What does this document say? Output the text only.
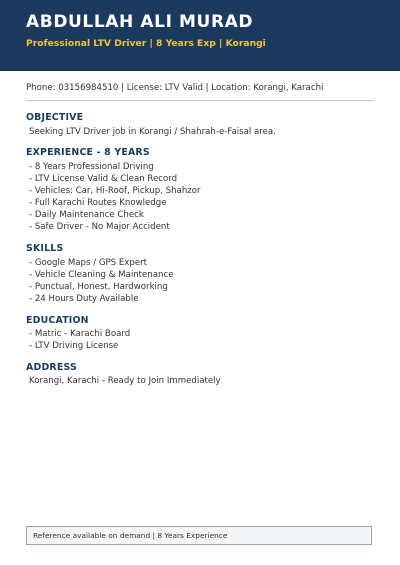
ABDULLAH ALI MURAD
Professional LTV Driver | 8 Years Exp | Korangi
Phone: 03156984510 | License: LTV Valid | Location: Korangi, Karachi
OBJECTIVE
Seeking LTV Driver job in Korangi / Shahrah-e-Faisal area.
EXPERIENCE - 8 YEARS
- 8 Years Professional Driving
- LTV License Valid & Clean Record
- Vehicles: Car, Hi-Roof, Pickup, Shahzor
- Full Karachi Routes Knowledge
- Daily Maintenance Check
- Safe Driver - No Major Accident
SKILLS
- Google Maps / GPS Expert
- Vehicle Cleaning & Maintenance
- Punctual, Honest, Hardworking
- 24 Hours Duty Available
EDUCATION
- Matric - Karachi Board
- LTV Driving License
ADDRESS
Korangi, Karachi - Ready to Join Immediately
Reference available on demand | 8 Years Experience
